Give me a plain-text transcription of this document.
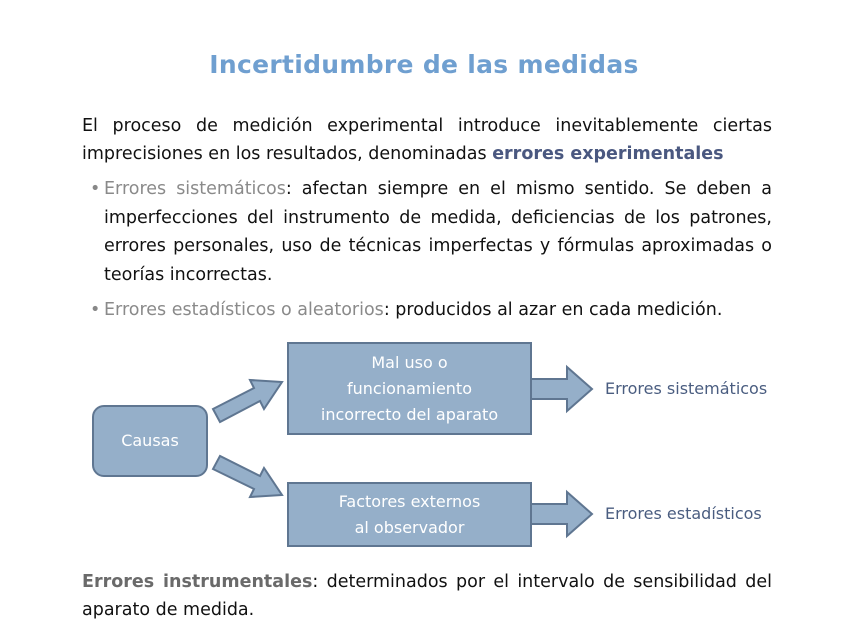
Incertidumbre de las medidas
El proceso de medición experimental introduce inevitablemente ciertas imprecisiones en los resultados, denominadas errores experimentales
• Errores sistemáticos: afectan siempre en el mismo sentido. Se deben a imperfecciones del instrumento de medida, deficiencias de los patrones, errores personales, uso de técnicas imperfectas y fórmulas aproximadas o teorías incorrectas.
• Errores estadísticos o aleatorios: producidos al azar en cada medición.
Causas
Mal uso o
funcionamiento
incorrecto del aparato
Factores externos
al observador
Errores sistemáticos
Errores estadísticos
Errores instrumentales: determinados por el intervalo de sensibilidad del aparato de medida.
